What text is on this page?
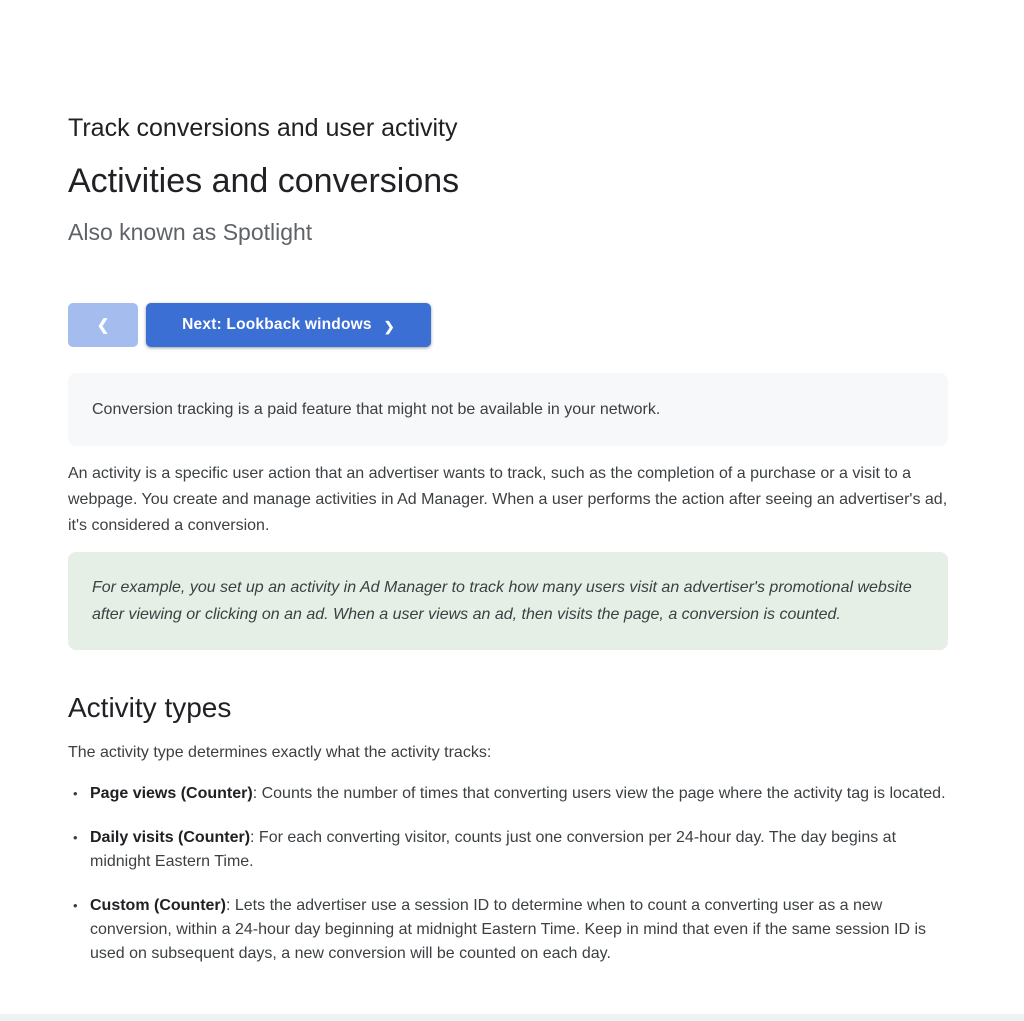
Track conversions and user activity
Activities and conversions
Also known as Spotlight
❮	Next: Lookback windows ❯
Conversion tracking is a paid feature that might not be available in your network.

An activity is a specific user action that an advertiser wants to track, such as the completion of a purchase or a visit to a webpage. You create and manage activities in Ad Manager. When a user performs the action after seeing an advertiser's ad, it's considered a conversion.

For example, you set up an activity in Ad Manager to track how many users visit an advertiser's promotional website after viewing or clicking on an ad. When a user views an ad, then visits the page, a conversion is counted.
Activity types

The activity type determines exactly what the activity tracks:

• Page views (Counter): Counts the number of times that converting users view the page where the activity tag is located.
• Daily visits (Counter): For each converting visitor, counts just one conversion per 24-hour day. The day begins at midnight Eastern Time.
• Custom (Counter): Lets the advertiser use a session ID to determine when to count a converting user as a new conversion, within a 24-hour day beginning at midnight Eastern Time. Keep in mind that even if the same session ID is used on subsequent days, a new conversion will be counted on each day.
